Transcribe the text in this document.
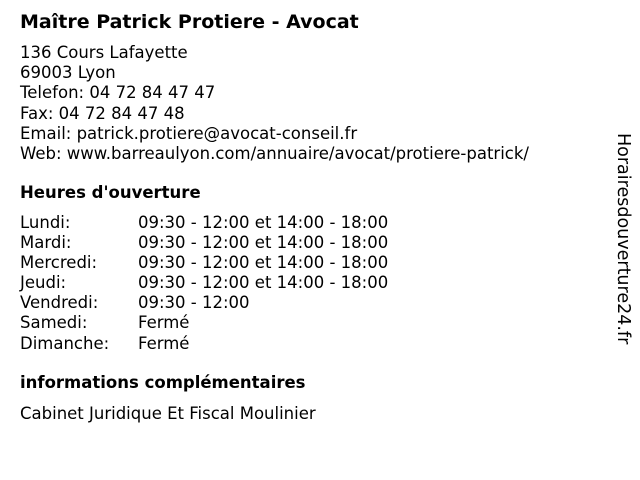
Maître Patrick Protiere - Avocat
136 Cours Lafayette
69003 Lyon
Telefon: 04 72 84 47 47
Fax: 04 72 84 47 48
Email: patrick.protiere@avocat-conseil.fr
Web: www.barreaulyon.com/annuaire/avocat/protiere-patrick/
Heures d'ouverture
Lundi:	09:30 - 12:00 et 14:00 - 18:00
Mardi:	09:30 - 12:00 et 14:00 - 18:00
Mercredi:	09:30 - 12:00 et 14:00 - 18:00
Jeudi:	09:30 - 12:00 et 14:00 - 18:00
Vendredi:	09:30 - 12:00
Samedi:	Fermé
Dimanche:	Fermé
informations complémentaires
Cabinet Juridique Et Fiscal Moulinier
Horairesdouverture24.fr
